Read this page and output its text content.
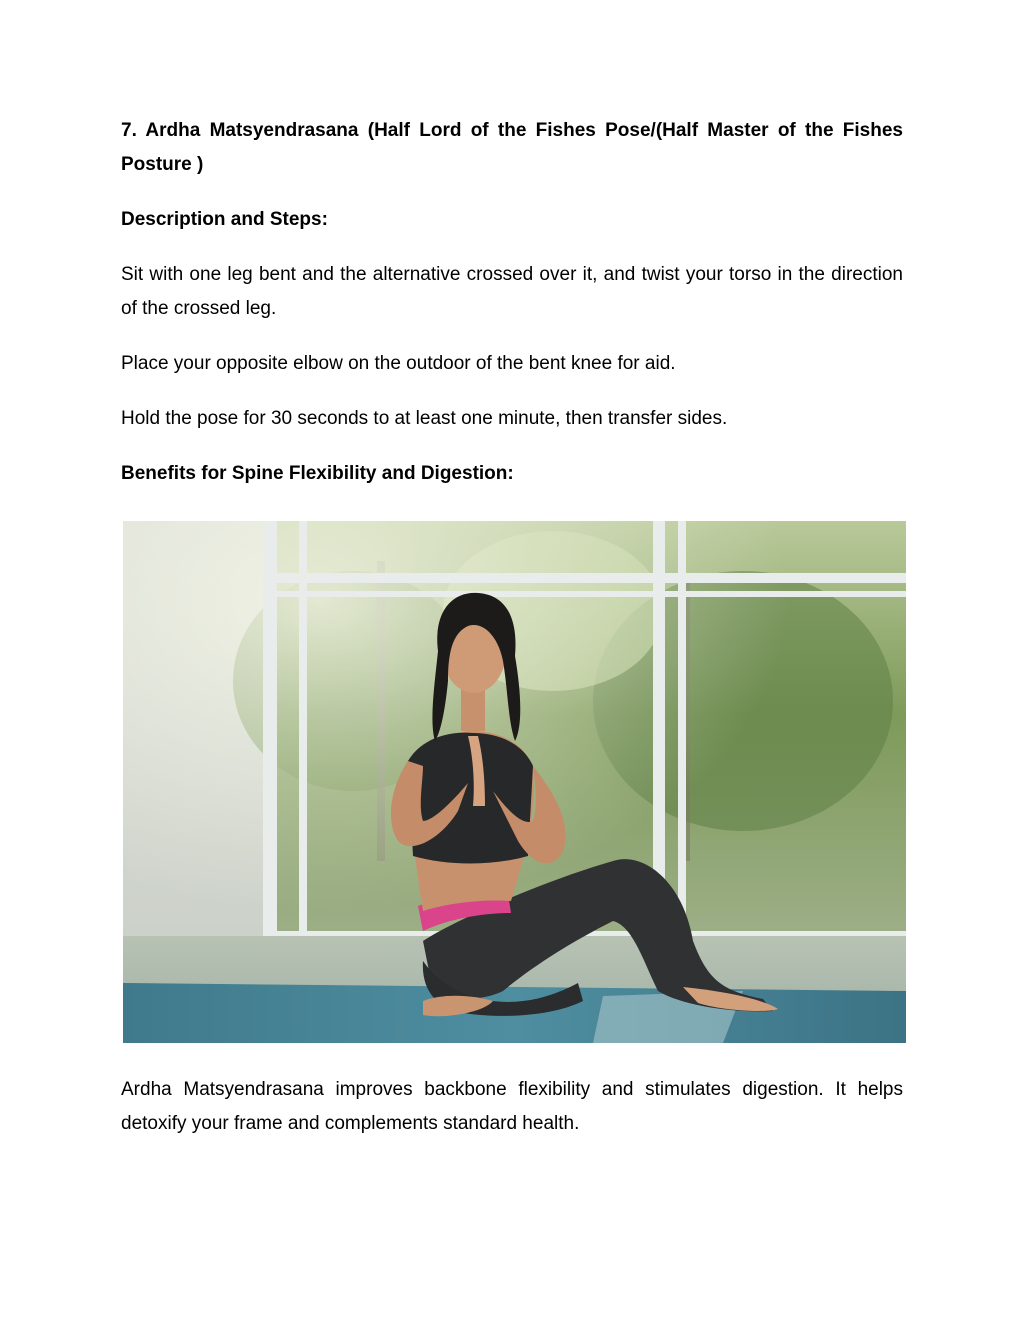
7. Ardha Matsyendrasana (Half Lord of the Fishes Pose/(Half Master of the Fishes Posture )

Description and Steps:

Sit with one leg bent and the alternative crossed over it, and twist your torso in the direction of the crossed leg.

Place your opposite elbow on the outdoor of the bent knee for aid.

Hold the pose for 30 seconds to at least one minute, then transfer sides.

Benefits for Spine Flexibility and Digestion:

Ardha Matsyendrasana improves backbone flexibility and stimulates digestion. It helps detoxify your frame and complements standard health.
